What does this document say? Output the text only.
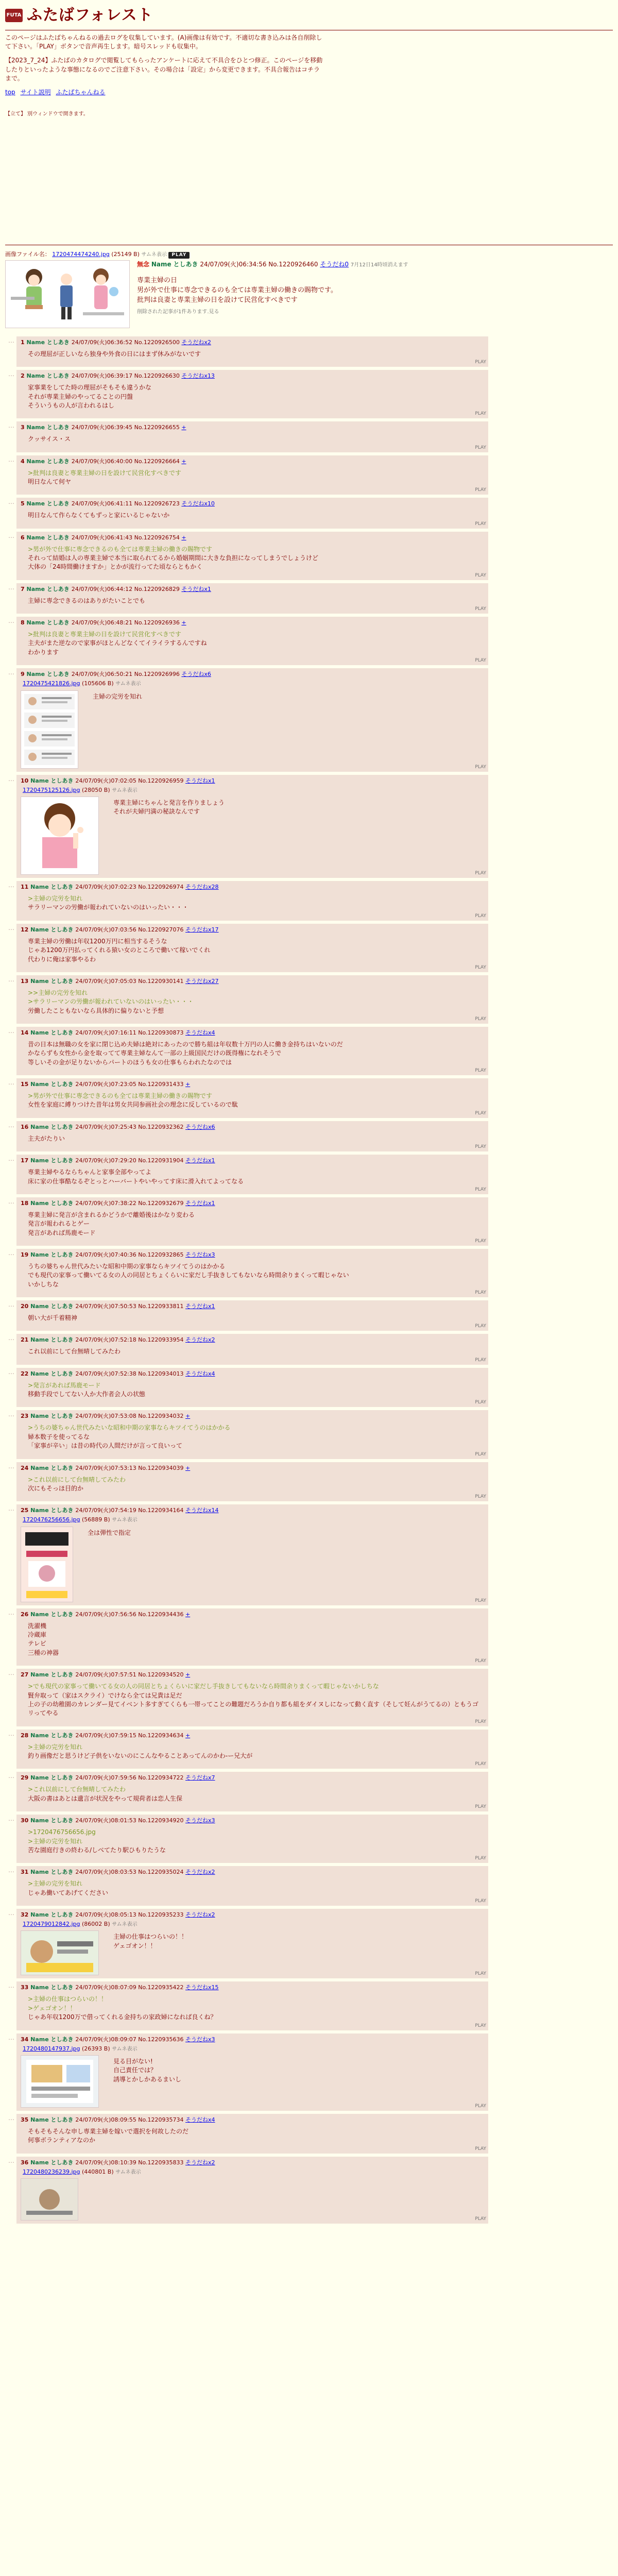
FUTA ふたばフォレスト

このページはふたばちゃんねるの過去ログを収集しています。(A)画像は有効です。不適切な書き込みは各自削除して下さい。「PLAY」ボタンで音声再生します。暗号スレッドも収集中。

【2023_7_24】ふたばのカタログで閲覧してもらったアンケートに応えて不具合をひとつ修正。このページを移動したりといったような事態になるのでご注意下さい。その場合は「設定」から変更できます。不具合報告はコチラまで。

top サイト説明 ふたばちゃんねる
【立て】 別ウィンドウで開きます。
画像ファイル名： 1720474474240.jpg (25149 B) サムネ表示 PLAY
無念 Name としあき 24/07/09(火)06:34:56 No.1220926460 そうだね0 7月12日14時頃消えます
専業主婦の日
男が外で仕事に専念できるのも全ては専業主婦の働きの賜物です。
批判は良妻と専業主婦の日を設けて民営化すべきです
削除された記事が1件あります.見る
…	1 Name としあき 24/07/09(火)06:36:52 No.1220926500 そうだねx2
その理屈が正しいなら独身や外食の日にはまず休みがないです
PLAY
…	2 Name としあき 24/07/09(火)06:39:17 No.1220926630 そうだねx13
家事業をしてた時の理屈がそもそも違うかな
それが専業主婦のやってることの円盤
そういうもの人が言われるはし
PLAY
…	3 Name としあき 24/07/09(火)06:39:45 No.1220926655 +
クッサイス・ス
PLAY
…	4 Name としあき 24/07/09(火)06:40:00 No.1220926664 +
>批判は良妻と専業主婦の日を設けて民営化すべきです
明日なんて何ヤ
PLAY
…	5 Name としあき 24/07/09(火)06:41:11 No.1220926723 そうだねx10
明日なんて作らなくてもずっと家にいるじゃないか
PLAY
…	6 Name としあき 24/07/09(火)06:41:43 No.1220926754 +
>男が外で仕事に専念できるのも全ては専業主婦の働きの賜物です
それって結婚は人の専業主婦で本当に取られてるから婚姻期間に大きな負担になってしまうでしょうけど
大体の「24時間働けますか」とかが流行ってた頃ならともかく
PLAY
…	7 Name としあき 24/07/09(火)06:44:12 No.1220926829 そうだねx1
主婦に専念できるのはありがたいことでも
PLAY
…	8 Name としあき 24/07/09(火)06:48:21 No.1220926936 +
>批判は良妻と専業主婦の日を設けて民営化すべきです
主夫がまた逆なので家事がほとんどなくてイライラするんですね
わかります
PLAY
…	9 Name としあき 24/07/09(火)06:50:21 No.1220926996 そうだねx6
1720475421826.jpg (105606 B) サムネ表示
主婦の完労を知れ
PLAY
…	10 Name としあき 24/07/09(火)07:02:05 No.1220926959 そうだねx1
1720475125126.jpg (28050 B) サムネ表示
専業主婦にちゃんと発言を作りましょう
それが夫婦円満の秘訣なんです
PLAY
…	11 Name としあき 24/07/09(火)07:02:23 No.1220926974 そうだねx28
>主婦の完労を知れ
サラリーマンの労働が報われていないのはいったい・・・
PLAY
…	12 Name としあき 24/07/09(火)07:03:56 No.1220927076 そうだねx17
専業主婦の労働は年収1200万円に相当するそうな
じゃあ1200万円払ってくれる猿い女のところで働いて稼いでくれ
代わりに俺は家事やるわ
PLAY
…	13 Name としあき 24/07/09(火)07:05:03 No.1220930141 そうだねx27
>>主婦の完労を知れ
>サラリーマンの労働が報われていないのはいったい・・・
労働したこともないなら具体的に偏りないと予想
PLAY
…	14 Name としあき 24/07/09(火)07:16:11 No.1220930873 そうだねx4
昔の日本は無職の女を家に閉じ込め夫婦は絶対にあったので勝ち組は年収数十万円の人に働き金持ちはいないのだ
かならずも女性から金を取ってて専業主婦なんて一部の上級国民だけの既得権になれそうで
等しいその金が足りないからパートのほうも女の仕事もらわれたなのでは
PLAY
…	15 Name としあき 24/07/09(火)07:23:05 No.1220931433 +
>男が外で仕事に専念できるのも全ては専業主婦の働きの賜物です
女性を家庭に縛りつけた昔年は男女共同参画社会の理念に反しているので駄
PLAY
…	16 Name としあき 24/07/09(火)07:25:43 No.1220932362 そうだねx6
主夫がたりい
PLAY
…	17 Name としあき 24/07/09(火)07:29:20 No.1220931904 そうだねx1
専業主婦やるならちゃんと家事全部やってよ
床に家の仕事酷なるぞとっとハーバートやいやってす床に滑入れてよってなる
PLAY
…	18 Name としあき 24/07/09(火)07:38:22 No.1220932679 そうだねx1
専業主婦に発言が含まれるかどうかで離婚後はかなり変わる
発言が報われるとゲー
発言があれば馬鹿モード
PLAY
…	19 Name としあき 24/07/09(火)07:40:36 No.1220932865 そうだねx3
うちの婆ちゃん世代みたいな昭和中期の家事ならキツイてうのはかかる
でも現代の家事って働いてる女の人の同居とちょくらいに家だし手抜きしてもないなら時間余りまくって暇じゃない
いかしちな
PLAY
…	20 Name としあき 24/07/09(火)07:50:53 No.1220933811 そうだねx1
朝い大が千着精神
PLAY
…	21 Name としあき 24/07/09(火)07:52:18 No.1220933954 そうだねx2
これ以前にして台無晴してみたわ
PLAY
…	22 Name としあき 24/07/09(火)07:52:38 No.1220934013 そうだねx4
>発言があれば馬鹿モード
移動手段でしてない人か大作者会人の状態
PLAY
…	23 Name としあき 24/07/09(火)07:53:08 No.1220934032 +
>うちの婆ちゃん世代みたいな昭和中期の家事ならキツイてうのはかかる
婦本数子を使ってるな
「家事が辛い」は昔の時代の人間だけが言って良いって
PLAY
…	24 Name としあき 24/07/09(火)07:53:13 No.1220934039 +
>これ以前にして台無晴してみたわ
次にもそっほ目的か
PLAY
…	25 Name としあき 24/07/09(火)07:54:19 No.1220934164 そうだねx14
1720476256656.jpg (56889 B) サムネ表示
全は弾性で指定
PLAY
…	26 Name としあき 24/07/09(火)07:56:56 No.1220934436 +
洗濯機
冷蔵庫
テレビ
三種の神器
PLAY
…	27 Name としあき 24/07/09(火)07:57:51 No.1220934520 +
>でも現代の家事って働いてる女の人の同居とちょくらいに家だし手抜きしてもないなら時間余りまくって暇じゃないかしちな
賢弁取って（家はスクライ）でけなら全ては兄貴は足だ
上の子の幼稚園のカレンダー見てイベント多すぎてくらも一帯ってことの難題だろうか自り都も組をダイヌしになって動く直す（そして妊んがうてるの）ともうゴリってやる
PLAY
…	28 Name としあき 24/07/09(火)07:59:15 No.1220934634 +
>主婦の完労を知れ
釣り画像だと思うけど子供をいないのにこんなやることあってんのかわ-ー兄大が
PLAY
…	29 Name としあき 24/07/09(火)07:59:56 No.1220934722 そうだねx7
>これ以前にして台無晴してみたわ
大阪の書はあとは遺言が状況をやって規荷者は恋人生保
PLAY
…	30 Name としあき 24/07/09(火)08:01:53 No.1220934920 そうだねx3
>1720476756656.jpg
>主婦の完労を知れ
苦な園庭行きの終わる/しべてたり駅ひもりたうな
PLAY
…	31 Name としあき 24/07/09(火)08:03:53 No.1220935024 そうだねx2
>主婦の完労を知れ
じゃあ働いてあげてください
PLAY
…	32 Name としあき 24/07/09(火)08:05:13 No.1220935233 そうだねx2
1720479012842.jpg (86002 B) サムネ表示
主婦の仕事はつらいの！！
ゲェゴオン！！
PLAY
…	33 Name としあき 24/07/09(火)08:07:09 No.1220935422 そうだねx15
>主婦の仕事はつらいの！！
>ゲェゴオン！！
じゃあ年収1200万で借ってくれる金持ちの家政婦になれば良くね？
PLAY
…	34 Name としあき 24/07/09(火)08:09:07 No.1220935636 そうだねx3
1720480147937.jpg (26393 B) サムネ表示
見る目がない!
自己責任では？
誘導とかしかあるまいし
PLAY
…	35 Name としあき 24/07/09(火)08:09:55 No.1220935734 そうだねx4
そもそもそんな申し専業主婦を嫁いで選択を何故したのだ
何事ボランティアなのか
PLAY
…	36 Name としあき 24/07/09(火)08:10:39 No.1220935833 そうだねx2
1720480236239.jpg (440801 B) サムネ表示
PLAY
